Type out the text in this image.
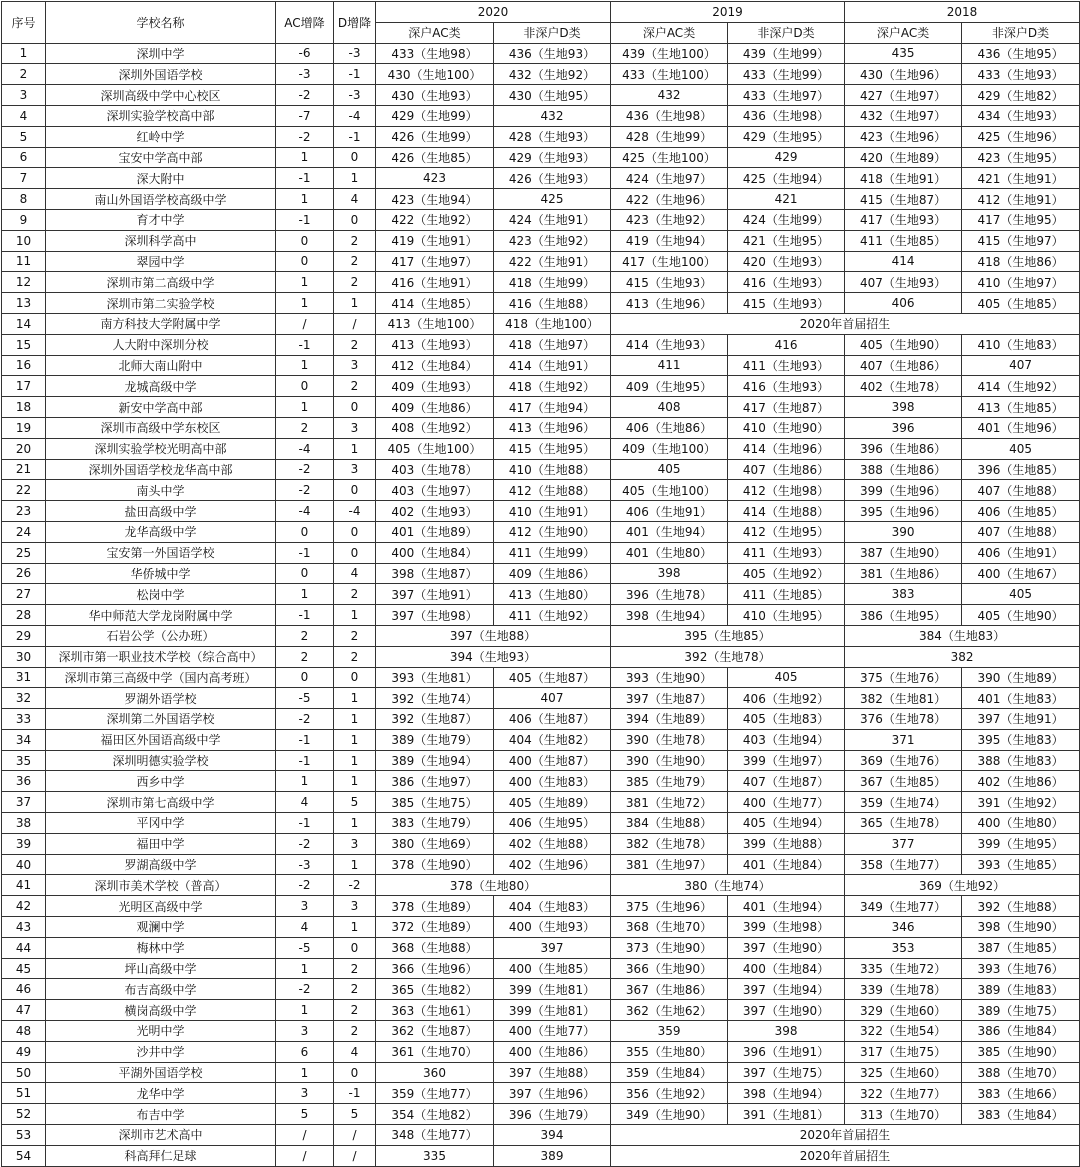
序号	学校名称	AC增降	D增降	2020		2019		2018	
				深户AC类	非深户D类	深户AC类	非深户D类	深户AC类	非深户D类
1	深圳中学	-6	-3	433（生地98）	436（生地93）	439（生地100）	439（生地99）	435	436（生地95）
2	深圳外国语学校	-3	-1	430（生地100）	432（生地92）	433（生地100）	433（生地99）	430（生地96）	433（生地93）
3	深圳高级中学中心校区	-2	-3	430（生地93）	430（生地95）	432	433（生地97）	427（生地97）	429（生地82）
4	深圳实验学校高中部	-7	-4	429（生地99）	432	436（生地98）	436（生地98）	432（生地97）	434（生地93）
5	红岭中学	-2	-1	426（生地99）	428（生地93）	428（生地99）	429（生地95）	423（生地96）	425（生地96）
6	宝安中学高中部	1	0	426（生地85）	429（生地93）	425（生地100）	429	420（生地89）	423（生地95）
7	深大附中	-1	1	423	426（生地93）	424（生地97）	425（生地94）	418（生地91）	421（生地91）
8	南山外国语学校高级中学	1	4	423（生地94）	425	422（生地96）	421	415（生地87）	412（生地91）
9	育才中学	-1	0	422（生地92）	424（生地91）	423（生地92）	424（生地99）	417（生地93）	417（生地95）
10	深圳科学高中	0	2	419（生地91）	423（生地92）	419（生地94）	421（生地95）	411（生地85）	415（生地97）
11	翠园中学	0	2	417（生地97）	422（生地91）	417（生地100）	420（生地93）	414	418（生地86）
12	深圳市第二高级中学	1	2	416（生地91）	418（生地99）	415（生地93）	416（生地93）	407（生地93）	410（生地97）
13	深圳市第二实验学校	1	1	414（生地85）	416（生地88）	413（生地96）	415（生地93）	406	405（生地85）
14	南方科技大学附属中学	/	/	413（生地100）	418（生地100）	2020年首届招生			
15	人大附中深圳分校	-1	2	413（生地93）	418（生地97）	414（生地93）	416	405（生地90）	410（生地83）
16	北师大南山附中	1	3	412（生地84）	414（生地91）	411	411（生地93）	407（生地86）	407
17	龙城高级中学	0	2	409（生地93）	418（生地92）	409（生地95）	416（生地93）	402（生地78）	414（生地92）
18	新安中学高中部	1	0	409（生地86）	417（生地94）	408	417（生地87）	398	413（生地85）
19	深圳市高级中学东校区	2	3	408（生地92）	413（生地96）	406（生地86）	410（生地90）	396	401（生地96）
20	深圳实验学校光明高中部	-4	1	405（生地100）	415（生地95）	409（生地100）	414（生地96）	396（生地86）	405
21	深圳外国语学校龙华高中部	-2	3	403（生地78）	410（生地88）	405	407（生地86）	388（生地86）	396（生地85）
22	南头中学	-2	0	403（生地97）	412（生地88）	405（生地100）	412（生地98）	399（生地96）	407（生地88）
23	盐田高级中学	-4	-4	402（生地93）	410（生地91）	406（生地91）	414（生地88）	395（生地96）	406（生地85）
24	龙华高级中学	0	0	401（生地89）	412（生地90）	401（生地94）	412（生地95）	390	407（生地88）
25	宝安第一外国语学校	-1	0	400（生地84）	411（生地99）	401（生地80）	411（生地93）	387（生地90）	406（生地91）
26	华侨城中学	0	4	398（生地87）	409（生地86）	398	405（生地92）	381（生地86）	400（生地67）
27	松岗中学	1	2	397（生地91）	413（生地80）	396（生地78）	411（生地85）	383	405
28	华中师范大学龙岗附属中学	-1	1	397（生地98）	411（生地92）	398（生地94）	410（生地95）	386（生地95）	405（生地90）
29	石岩公学（公办班）	2	2	397（生地88）		395（生地85）		384（生地83）	
30	深圳市第一职业技术学校（综合高中）	2	2	394（生地93）		392（生地78）		382	
31	深圳市第三高级中学（国内高考班）	0	0	393（生地81）	405（生地87）	393（生地90）	405	375（生地76）	390（生地89）
32	罗湖外语学校	-5	1	392（生地74）	407	397（生地87）	406（生地92）	382（生地81）	401（生地83）
33	深圳第二外国语学校	-2	1	392（生地87）	406（生地87）	394（生地89）	405（生地83）	376（生地78）	397（生地91）
34	福田区外国语高级中学	-1	1	389（生地79）	404（生地82）	390（生地78）	403（生地94）	371	395（生地83）
35	深圳明德实验学校	-1	1	389（生地94）	400（生地87）	390（生地90）	399（生地97）	369（生地76）	388（生地83）
36	西乡中学	1	1	386（生地97）	400（生地83）	385（生地79）	407（生地87）	367（生地85）	402（生地86）
37	深圳市第七高级中学	4	5	385（生地75）	405（生地89）	381（生地72）	400（生地77）	359（生地74）	391（生地92）
38	平冈中学	-1	1	383（生地79）	406（生地95）	384（生地88）	405（生地94）	365（生地78）	400（生地80）
39	福田中学	-2	3	380（生地69）	402（生地88）	382（生地78）	399（生地88）	377	399（生地95）
40	罗湖高级中学	-3	1	378（生地90）	402（生地96）	381（生地97）	401（生地84）	358（生地77）	393（生地85）
41	深圳市美术学校（普高）	-2	-2	378（生地80）		380（生地74）		369（生地92）	
42	光明区高级中学	3	3	378（生地89）	404（生地83）	375（生地96）	401（生地94）	349（生地77）	392（生地88）
43	观澜中学	4	1	372（生地89）	400（生地93）	368（生地70）	399（生地98）	346	398（生地90）
44	梅林中学	-5	0	368（生地88）	397	373（生地90）	397（生地90）	353	387（生地85）
45	坪山高级中学	1	2	366（生地96）	400（生地85）	366（生地90）	400（生地84）	335（生地72）	393（生地76）
46	布吉高级中学	-2	2	365（生地82）	399（生地81）	367（生地86）	397（生地94）	339（生地78）	389（生地83）
47	横岗高级中学	1	2	363（生地61）	399（生地81）	362（生地62）	397（生地90）	329（生地60）	389（生地75）
48	光明中学	3	2	362（生地87）	400（生地77）	359	398	322（生地54）	386（生地84）
49	沙井中学	6	4	361（生地70）	400（生地86）	355（生地80）	396（生地91）	317（生地75）	385（生地90）
50	平湖外国语学校	1	0	360	397（生地88）	359（生地84）	397（生地75）	325（生地60）	388（生地70）
51	龙华中学	3	-1	359（生地77）	397（生地96）	356（生地92）	398（生地94）	322（生地77）	383（生地66）
52	布吉中学	5	5	354（生地82）	396（生地79）	349（生地90）	391（生地81）	313（生地70）	383（生地84）
53	深圳市艺术高中	/	/	348（生地77）	394	2020年首届招生			
54	科高拜仁足球	/	/	335	389	2020年首届招生			
